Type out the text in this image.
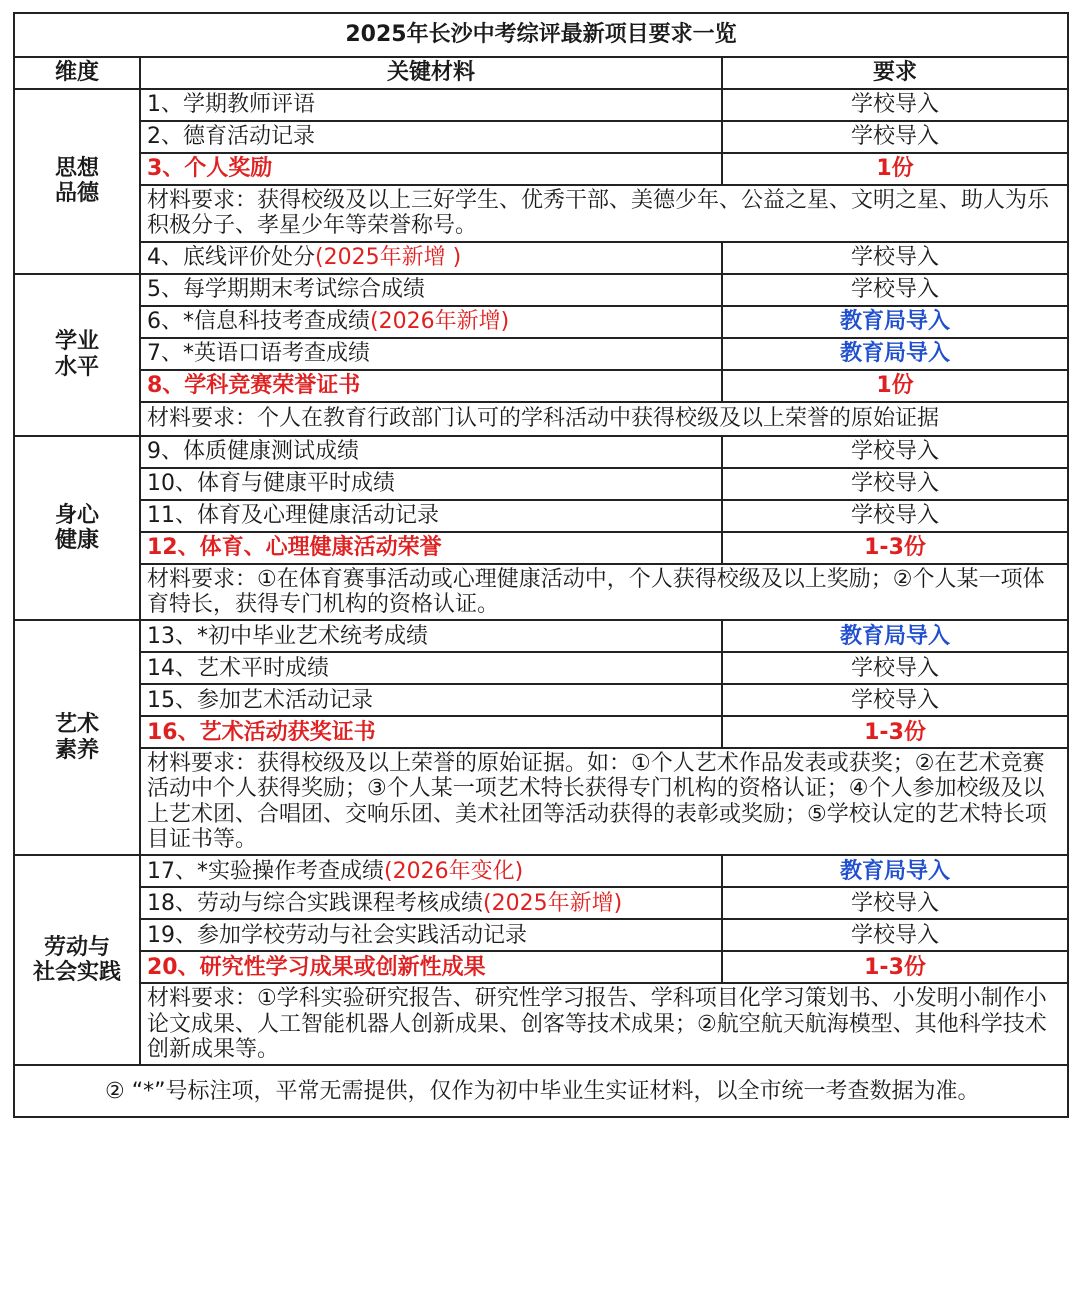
2025年长沙中考综评最新项目要求一览		
维度	关键材料	要求

思想
品德	1、学期教师评语	学校导入
	2、德育活动记录	学校导入
	3、个人奖励	1份
	材料要求：获得校级及以上三好学生、优秀干部、美德少年、公益之星、文明之星、助人为乐积极分子、孝星少年等荣誉称号。	
	4、底线评价处分(2025年新增 )	学校导入

学业
水平	5、每学期期末考试综合成绩	学校导入
	6、*信息科技考查成绩(2026年新增)	教育局导入
	7、*英语口语考查成绩	教育局导入
	8、学科竞赛荣誉证书	1份
	材料要求：个人在教育行政部门认可的学科活动中获得校级及以上荣誉的原始证据	

身心
健康	9、体质健康测试成绩	学校导入
	10、体育与健康平时成绩	学校导入
	11、体育及心理健康活动记录	学校导入
	12、体育、心理健康活动荣誉	1-3份
	材料要求：①在体育赛事活动或心理健康活动中，个人获得校级及以上奖励；②个人某一项体育特长，获得专门机构的资格认证。	

艺术
素养	13、*初中毕业艺术统考成绩	教育局导入
	14、艺术平时成绩	学校导入
	15、参加艺术活动记录	学校导入
	16、艺术活动获奖证书	1-3份
	材料要求：获得校级及以上荣誉的原始证据。如：①个人艺术作品发表或获奖；②在艺术竞赛活动中个人获得奖励；③个人某一项艺术特长获得专门机构的资格认证；④个人参加校级及以上艺术团、合唱团、交响乐团、美术社团等活动获得的表彰或奖励；⑤学校认定的艺术特长项目证书等。	

劳动与
社会实践	17、*实验操作考查成绩(2026年变化)	教育局导入
	18、劳动与综合实践课程考核成绩(2025年新增)	学校导入
	19、参加学校劳动与社会实践活动记录	学校导入
	20、研究性学习成果或创新性成果	1-3份
	材料要求：①学科实验研究报告、研究性学习报告、学科项目化学习策划书、小发明小制作小论文成果、人工智能机器人创新成果、创客等技术成果；②航空航天航海模型、其他科学技术创新成果等。	
② “*”号标注项，平常无需提供，仅作为初中毕业生实证材料，以全市统一考查数据为准。		
